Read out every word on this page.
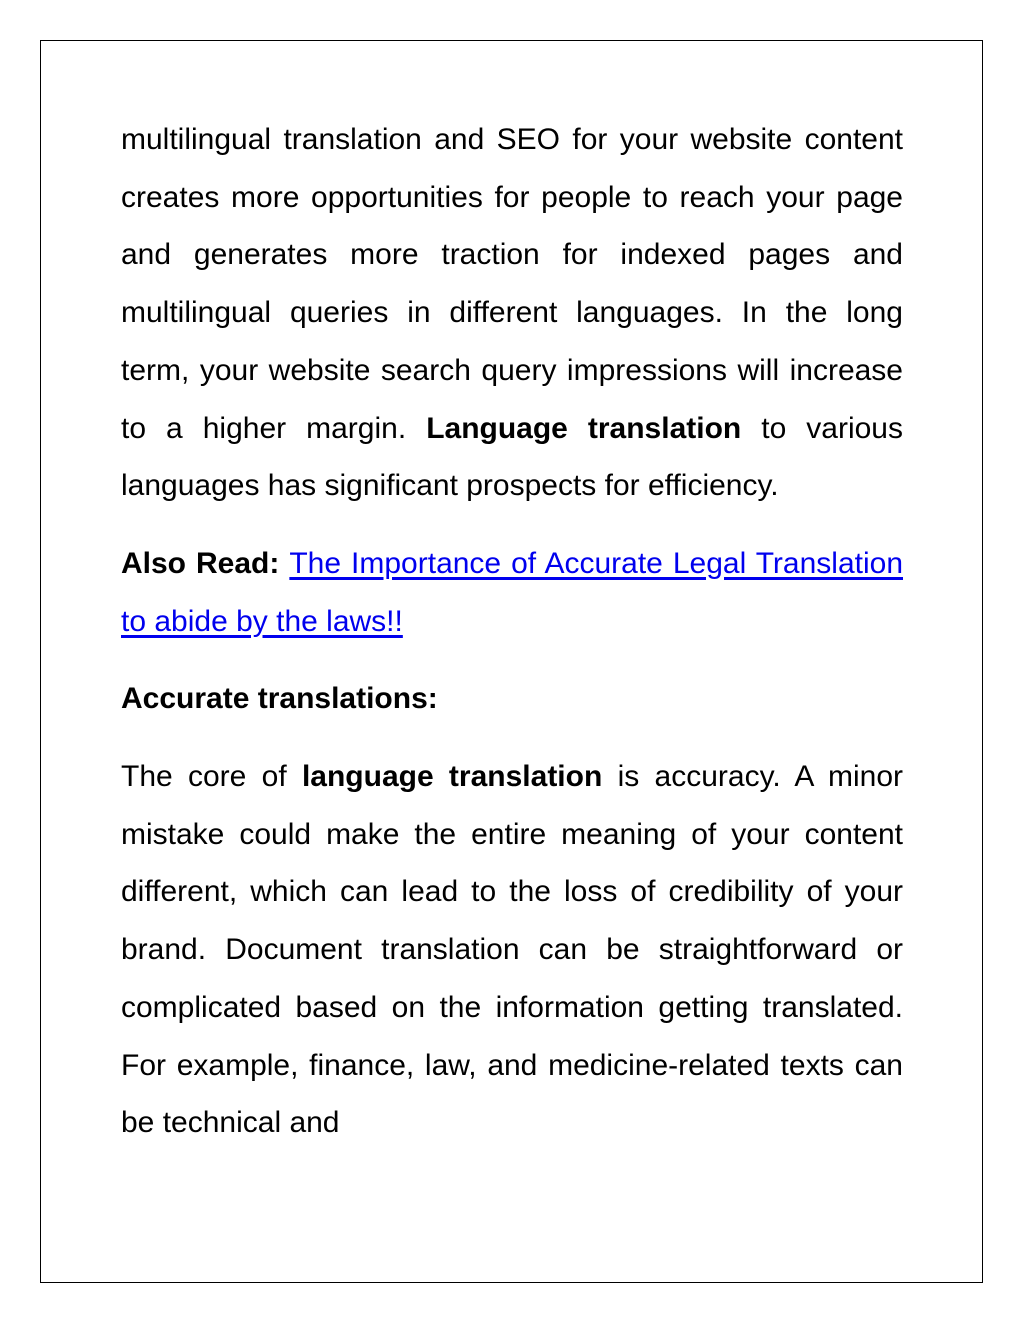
multilingual translation and SEO for your website content creates more opportunities for people to reach your page and generates more traction for indexed pages and multilingual queries in different languages. In the long term, your website search query impressions will increase to a higher margin. Language translation to various languages has significant prospects for efficiency.

Also Read: The Importance of Accurate Legal Translation to abide by the laws!!

Accurate translations:

The core of language translation is accuracy. A minor mistake could make the entire meaning of your content different, which can lead to the loss of credibility of your brand. Document translation can be straightforward or complicated based on the information getting translated. For example, finance, law, and medicine-related texts can be technical and
